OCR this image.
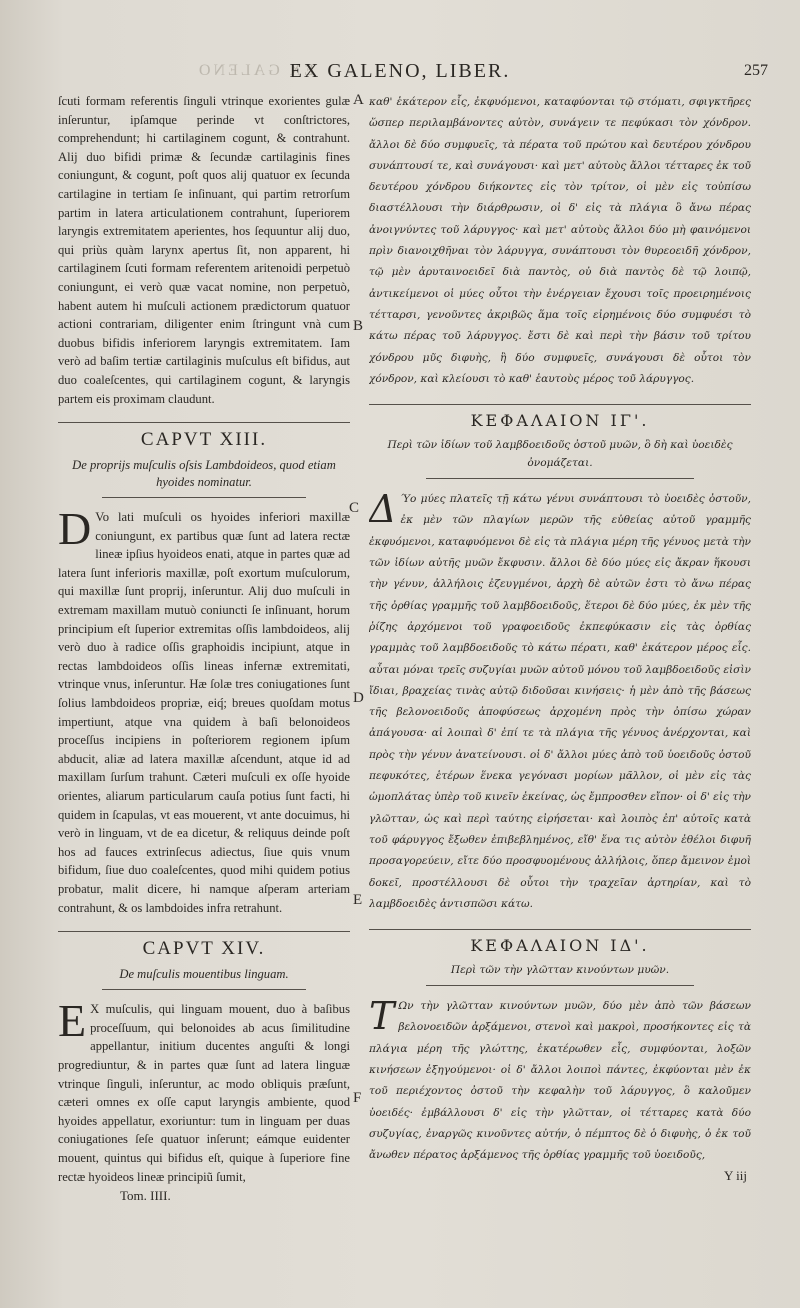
EX GALENO
EX GALENO, LIBER.	257
A
B
C
D
E
F

ſcuti formam referentis ſinguli vtrinque exorientes gulæ inſeruntur, ipſamque perinde vt conſtrictores, comprehendunt; hi cartilaginem cogunt, & contrahunt. Alij duo bifidi primæ & ſecundæ cartilaginis fines coniungunt, & cogunt, poſt quos alij quatuor ex ſecunda cartilagine in tertiam ſe inſinuant, qui partim retrorſum partim in latera articulationem contrahunt, ſuperiorem laryngis extremitatem aperientes, hos ſequuntur alij duo, qui priùs quàm larynx apertus ſit, non apparent, hi cartilaginem ſcuti formam referentem aritenoidi perpetuò coniungunt, ei verò quæ vacat nomine, non perpetuò, habent autem hi muſculi actionem prædictorum quatuor actioni contrariam, diligenter enim ſtringunt vnà cum duobus bifidis inferiorem laryngis extremitatem. Iam verò ad baſim tertiæ cartilaginis muſculus eſt bifidus, aut duo coaleſcentes, qui cartilaginem cogunt, & laryngis partem eis proximam claudunt.

CAPVT XIII.

De proprijs muſculis oſsis Lambdoideos, quod etiam hyoides nominatur.

D Vo lati muſculi os hyoides inferiori maxillæ coniungunt, ex partibus quæ ſunt ad latera rectæ lineæ ipſius hyoideos enati, atque in partes quæ ad latera ſunt inferioris maxillæ, poſt exortum muſculorum, qui maxillæ ſunt proprij, inſeruntur. Alij duo muſculi in extremam maxillam mutuò coniuncti ſe inſinuant, horum principium eſt ſuperior extremitas oſſis lambdoideos, alij verò duo à radice oſſis graphoidis incipiunt, atque in rectas lambdoideos oſſis lineas infernæ extremitati, vtrinque vnus, inſeruntur. Hæ ſolæ tres coniugationes ſunt ſolius lambdoideos propriæ, eiq́; breues quoſdam motus impertiunt, atque vna quidem à baſi belonoideos proceſſus incipiens in poſteriorem regionem ipſum abducit, aliæ ad latera maxillæ aſcendunt, atque id ad maxillam ſurſum trahunt. Cæteri muſculi ex oſſe hyoide orientes, aliarum particularum cauſa potius ſunt facti, hi quidem in ſcapulas, vt eas mouerent, vt ante docuimus, hi verò in linguam, vt de ea dicetur, & reliquus deinde poſt hos ad fauces extrinſecus adiectus, ſiue quis vnum bifidum, ſiue duo coaleſcentes, quod mihi quidem potius probatur, malit dicere, hi namque aſperam arteriam contrahunt, & os lambdoides infra retrahunt.

CAPVT XIV.

De muſculis mouentibus linguam.

E X muſculis, qui linguam mouent, duo à baſibus proceſſuum, qui belonoides ab acus ſimilitudine appellantur, initium ducentes anguſti & longi progrediuntur, & in partes quæ ſunt ad latera linguæ vtrinque ſinguli, inſeruntur, ac modo obliquis præſunt, cæteri omnes ex oſſe caput laryngis ambiente, quod hyoides appellatur, exoriuntur: tum in linguam per duas coniugationes ſeſe quatuor inſerunt; eámque euidenter mouent, quintus qui bifidus eſt, quique à ſuperiore fine rectæ hyoideos lineæ principiũ ſumit,

Tom. IIII.

καθ' ἑκάτερον εἷς, ἐκφυόμενοι, καταφύονται τῷ στόματι, σφιγκτῆρες ὥσπερ περιλαμβάνοντες αὐτὸν, συνάγειν τε πεφύκασι τὸν χόνδρον. ἄλλοι δὲ δύο συμφυεῖς, τὰ πέρατα τοῦ πρώτου καὶ δευτέρου χόνδρου συνάπτουσί τε, καὶ συνάγουσι· καὶ μετ' αὐτοὺς ἄλλοι τέτταρες ἐκ τοῦ δευτέρου χόνδρου διήκοντες εἰς τὸν τρίτον, οἱ μὲν εἰς τοὐπίσω διαστέλλουσι τὴν διάρθρωσιν, οἱ δ' εἰς τὰ πλάγια ὃ ἄνω πέρας ἀνοιγνύντες τοῦ λάρυγγος· καὶ μετ' αὐτοὺς ἄλλοι δύο μὴ φαινόμενοι πρὶν διανοιχθῆναι τὸν λάρυγγα, συνάπτουσι τὸν θυρεοειδῆ χόνδρον, τῷ μὲν ἀρυταινοειδεῖ διὰ παντὸς, οὐ διὰ παντὸς δὲ τῷ λοιπῷ, ἀντικείμενοι οἱ μύες οὗτοι τὴν ἐνέργειαν ἔχουσι τοῖς προειρημένοις τέτταρσι, γενοῦντες ἀκριβῶς ἅμα τοῖς εἰρημένοις δύο συμφυέσι τὸ κάτω πέρας τοῦ λάρυγγος. ἔστι δὲ καὶ περὶ τὴν βάσιν τοῦ τρίτου χόνδρου μῦς διφυὴς, ἢ δύο συμφυεῖς, συνάγουσι δὲ οὗτοι τὸν χόνδρον, καὶ κλείουσι τὸ καθ' ἑαυτοὺς μέρος τοῦ λάρυγγος.

ΚΕΦΑΛΑΙΟΝ ΙΓ'.

Περὶ τῶν ἰδίων τοῦ λαμβδοειδοῦς ὀστοῦ μυῶν, ὃ δὴ καὶ ὑοειδὲς ὀνομάζεται.

Δ Ύο μύες πλατεῖς τῇ κάτω γένυι συνάπτουσι τὸ ὑοειδὲς ὀστοῦν, ἐκ μὲν τῶν πλαγίων μερῶν τῆς εὐθείας αὐτοῦ γραμμῆς ἐκφυόμενοι, καταφυόμενοι δὲ εἰς τὰ πλάγια μέρη τῆς γένυος μετὰ τὴν τῶν ἰδίων αὐτῆς μυῶν ἔκφυσιν. ἄλλοι δὲ δύο μύες εἰς ἄκραν ἥκουσι τὴν γένυν, ἀλλήλοις ἐζευγμένοι, ἀρχὴ δὲ αὐτῶν ἐστι τὸ ἄνω πέρας τῆς ὀρθίας γραμμῆς τοῦ λαμβδοειδοῦς, ἕτεροι δὲ δύο μύες, ἐκ μὲν τῆς ῥίζης ἀρχόμενοι τοῦ γραφοειδοῦς ἐκπεφύκασιν εἰς τὰς ὀρθίας γραμμὰς τοῦ λαμβδοειδοῦς τὸ κάτω πέρατι, καθ' ἑκάτερον μέρος εἷς. αὗται μόναι τρεῖς συζυγίαι μυῶν αὐτοῦ μόνου τοῦ λαμβδοειδοῦς εἰσὶν ἴδιαι, βραχείας τινὰς αὐτῷ διδοῦσαι κινήσεις· ἡ μὲν ἀπὸ τῆς βάσεως τῆς βελονοειδοῦς ἀποφύσεως ἀρχομένη πρὸς τὴν ὀπίσω χώραν ἀπάγουσα· αἱ λοιπαὶ δ' ἐπί τε τὰ πλάγια τῆς γένυος ἀνέρχονται, καὶ πρὸς τὴν γένυν ἀνατείνουσι. οἱ δ' ἄλλοι μύες ἀπὸ τοῦ ὑοειδοῦς ὀστοῦ πεφυκότες, ἑτέρων ἕνεκα γεγόνασι μορίων μᾶλλον, οἱ μὲν εἰς τὰς ὠμοπλάτας ὑπὲρ τοῦ κινεῖν ἐκείνας, ὡς ἔμπροσθεν εἴπον· οἱ δ' εἰς τὴν γλῶτταν, ὡς καὶ περὶ ταύτης εἰρήσεται· καὶ λοιπὸς ἐπ' αὐτοῖς κατὰ τοῦ φάρυγγος ἔξωθεν ἐπιβεβλημένος, εἴθ' ἕνα τις αὐτὸν ἐθέλοι διφυῆ προσαγορεύειν, εἴτε δύο προσφυομένους ἀλλήλοις, ὅπερ ἄμεινον ἐμοὶ δοκεῖ, προστέλλουσι δὲ οὗτοι τὴν τραχεῖαν ἀρτηρίαν, καὶ τὸ λαμβδοειδὲς ἀντισπῶσι κάτω.

ΚΕΦΑΛΑΙΟΝ ΙΔ'.

Περὶ τῶν τὴν γλῶτταν κινούντων μυῶν.

Τ Ων τὴν γλῶτταν κινούντων μυῶν, δύο μὲν ἀπὸ τῶν βάσεων βελονοειδῶν ἀρξάμενοι, στενοὶ καὶ μακροὶ, προσήκοντες εἰς τὰ πλάγια μέρη τῆς γλώττης, ἑκατέρωθεν εἷς, συμφύονται, λοξῶν κινήσεων ἐξηγούμενοι· οἱ δ' ἄλλοι λοιποὶ πάντες, ἐκφύονται μὲν ἐκ τοῦ περιέχοντος ὀστοῦ τὴν κεφαλὴν τοῦ λάρυγγος, ὃ καλοῦμεν ὑοειδές· ἐμβάλλουσι δ' εἰς τὴν γλῶτταν, οἱ τέτταρες κατὰ δύο συζυγίας, ἐναργῶς κινοῦντες αὐτήν, ὁ πέμπτος δὲ ὁ διφυὴς, ὁ ἐκ τοῦ ἄνωθεν πέρατος ἀρξάμενος τῆς ὀρθίας γραμμῆς τοῦ ὑοειδοῦς,

Y iij
